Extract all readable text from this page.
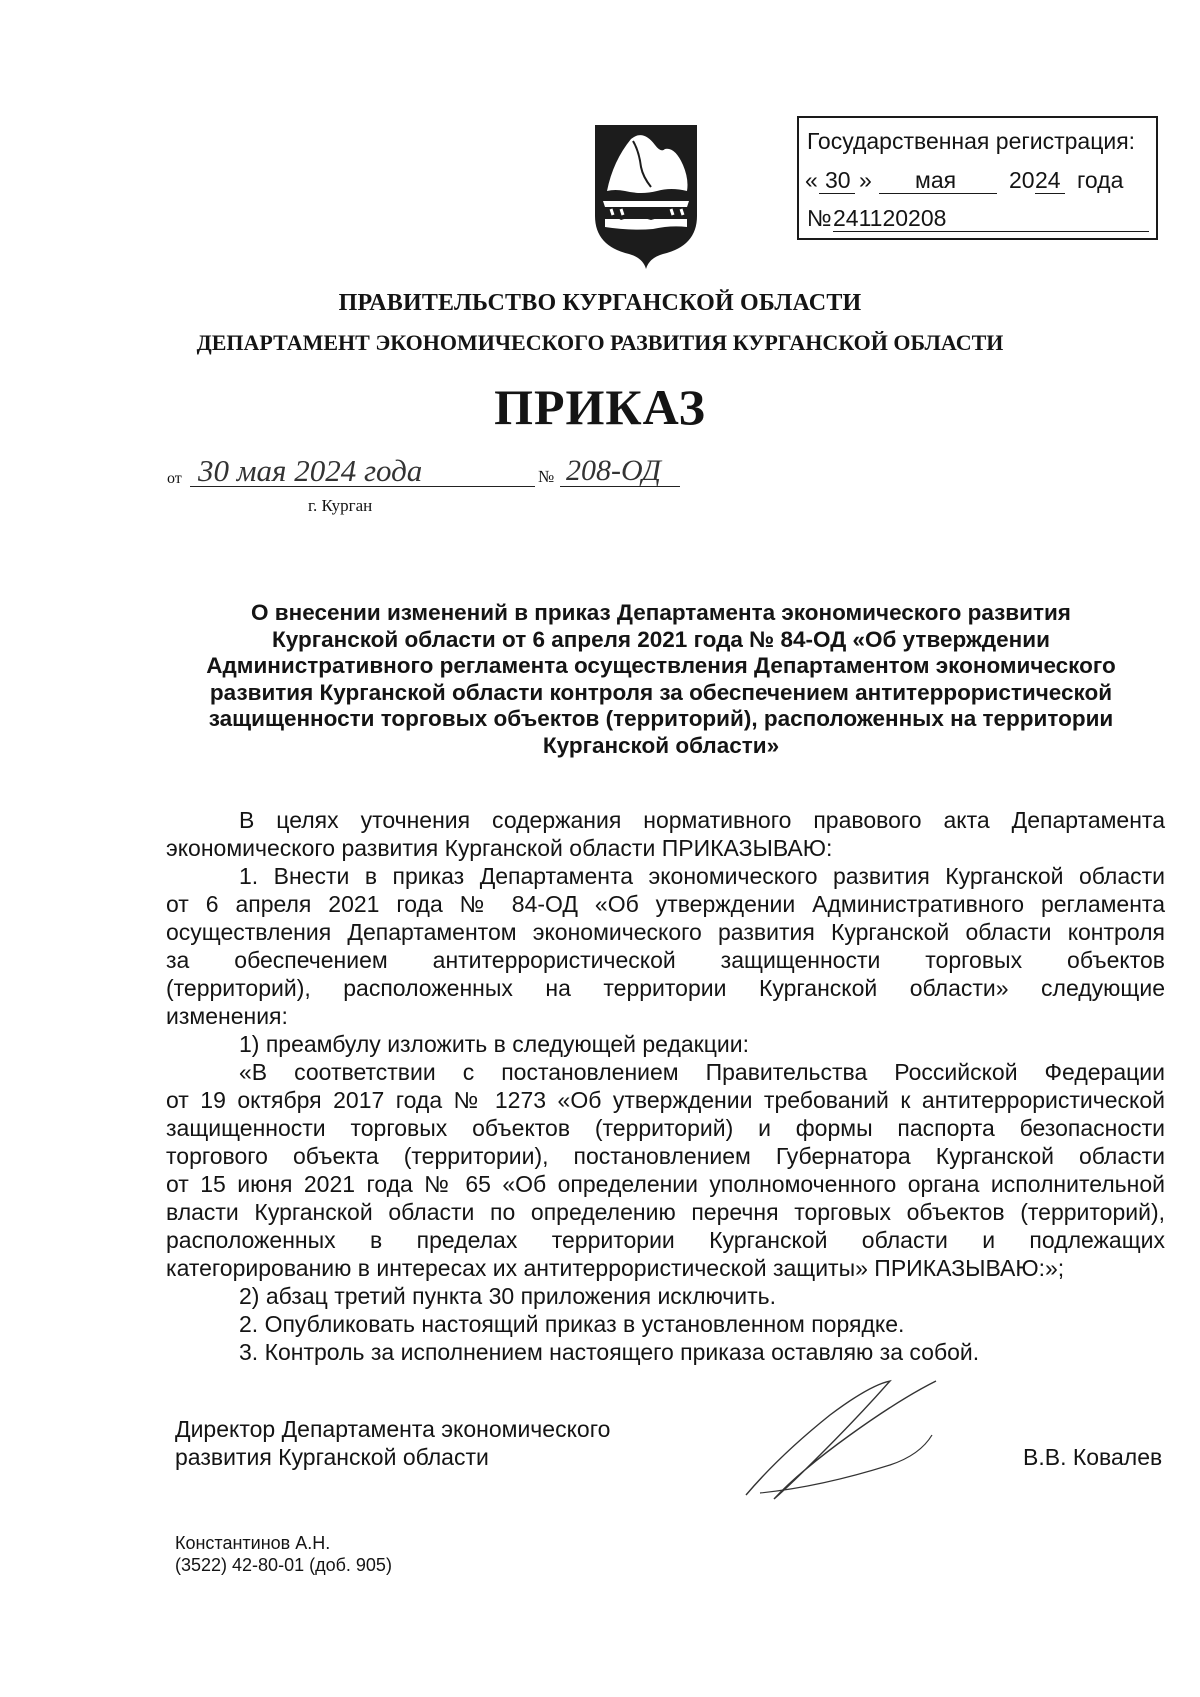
Государственная регистрация:
« 30 » мая 20 24 года
№ 241120208
ПРАВИТЕЛЬСТВО КУРГАНСКОЙ ОБЛАСТИ
ДЕПАРТАМЕНТ ЭКОНОМИЧЕСКОГО РАЗВИТИЯ КУРГАНСКОЙ ОБЛАСТИ
ПРИКАЗ
от 30 мая 2024 года	№ 208-ОД
г. Курган
О внесении изменений в приказ Департамента экономического развития
Курганской области от 6 апреля 2021 года № 84-ОД «Об утверждении
Административного регламента осуществления Департаментом экономического
развития Курганской области контроля за обеспечением антитеррористической
защищенности торговых объектов (территорий), расположенных на территории
Курганской области»
В целях уточнения содержания нормативного правового акта Департамента
экономического развития Курганской области ПРИКАЗЫВАЮ:
1. Внести в приказ Департамента экономического развития Курганской области
от 6 апреля 2021 года № 84-ОД «Об утверждении Административного регламента
осуществления Департаментом экономического развития Курганской области контроля
за обеспечением антитеррористической защищенности торговых объектов
(территорий), расположенных на территории Курганской области» следующие
изменения:
1) преамбулу изложить в следующей редакции:
«В соответствии с постановлением Правительства Российской Федерации
от 19 октября 2017 года № 1273 «Об утверждении требований к антитеррористической
защищенности торговых объектов (территорий) и формы паспорта безопасности
торгового объекта (территории), постановлением Губернатора Курганской области
от 15 июня 2021 года № 65 «Об определении уполномоченного органа исполнительной
власти Курганской области по определению перечня торговых объектов (территорий),
расположенных в пределах территории Курганской области и подлежащих
категорированию в интересах их антитеррористической защиты» ПРИКАЗЫВАЮ:»;
2) абзац третий пункта 30 приложения исключить.
2. Опубликовать настоящий приказ в установленном порядке.
3. Контроль за исполнением настоящего приказа оставляю за собой.
Директор Департамента экономического
развития Курганской области	В.В. Ковалев
Константинов А.Н.
(3522) 42-80-01 (доб. 905)
